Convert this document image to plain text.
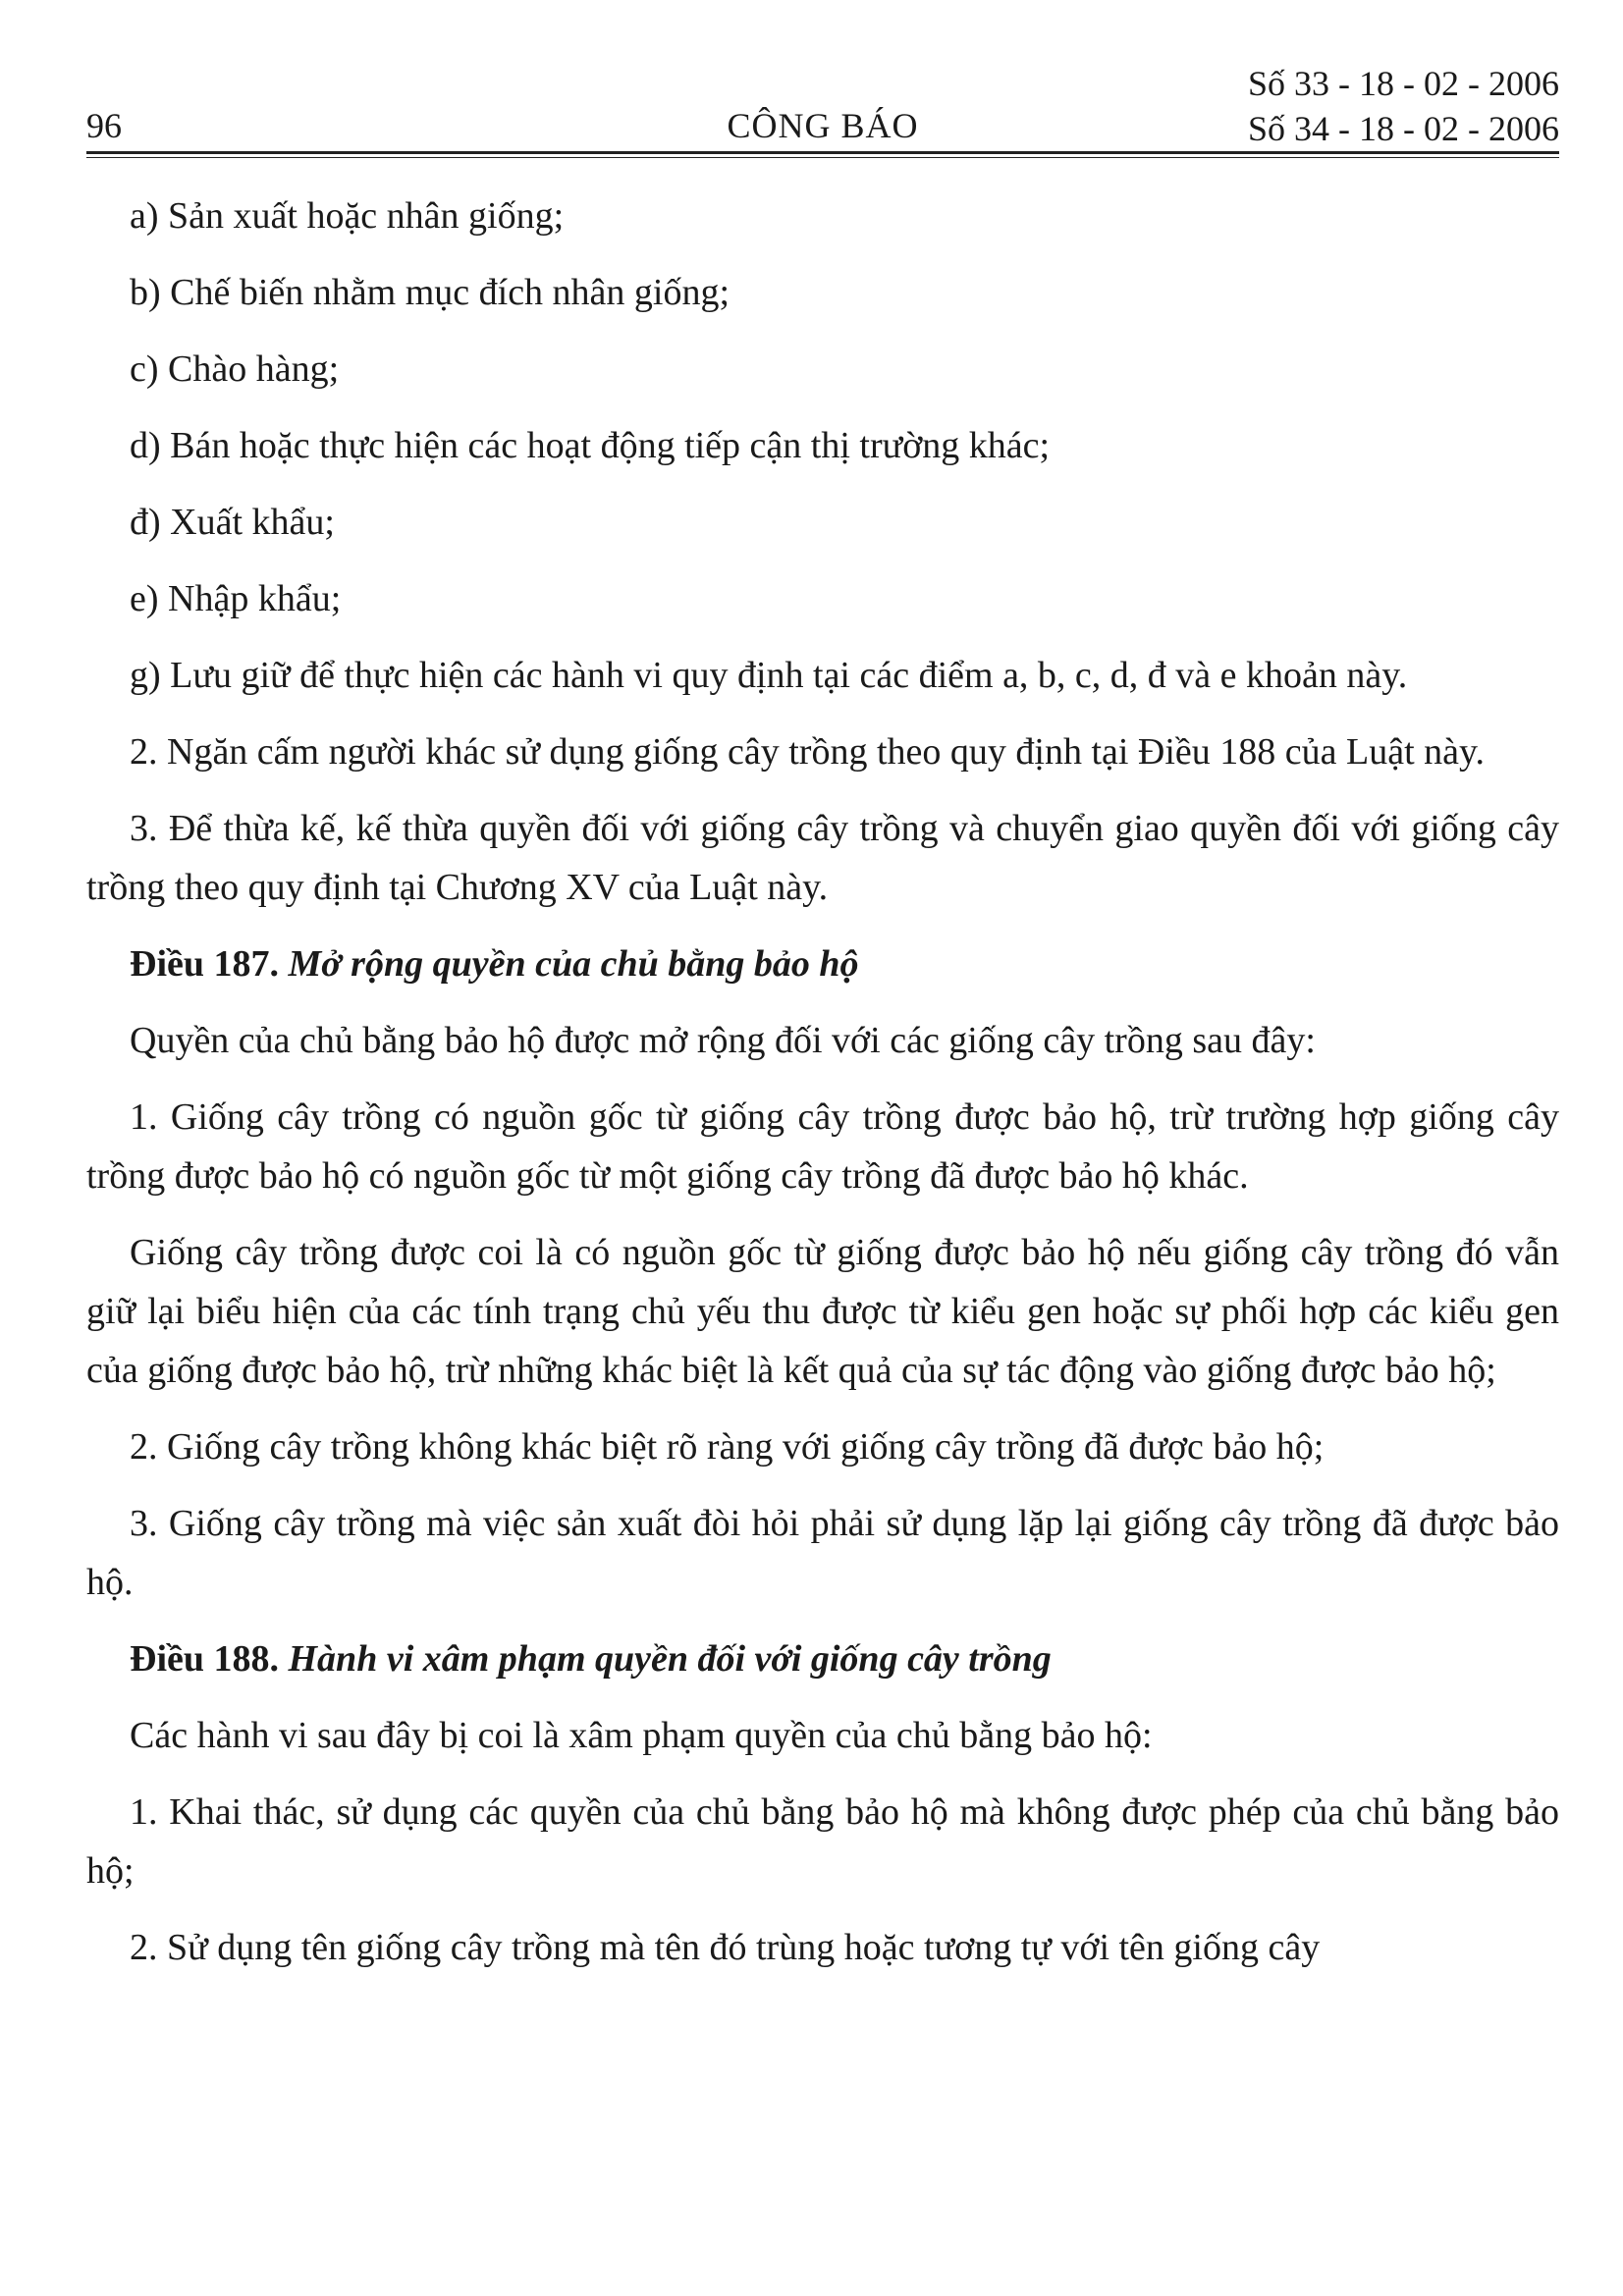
96	CÔNG BÁO
Số 33 - 18 - 02 - 2006
Số 34 - 18 - 02 - 2006

a) Sản xuất hoặc nhân giống;

b) Chế biến nhằm mục đích nhân giống;

c) Chào hàng;

d) Bán hoặc thực hiện các hoạt động tiếp cận thị trường khác;

đ) Xuất khẩu;

e) Nhập khẩu;

g) Lưu giữ để thực hiện các hành vi quy định tại các điểm a, b, c, d, đ và e khoản này.

2. Ngăn cấm người khác sử dụng giống cây trồng theo quy định tại Điều 188 của Luật này.

3. Để thừa kế, kế thừa quyền đối với giống cây trồng và chuyển giao quyền đối với giống cây trồng theo quy định tại Chương XV của Luật này.

Điều 187. Mở rộng quyền của chủ bằng bảo hộ

Quyền của chủ bằng bảo hộ được mở rộng đối với các giống cây trồng sau đây:

1. Giống cây trồng có nguồn gốc từ giống cây trồng được bảo hộ, trừ trường hợp giống cây trồng được bảo hộ có nguồn gốc từ một giống cây trồng đã được bảo hộ khác.

Giống cây trồng được coi là có nguồn gốc từ giống được bảo hộ nếu giống cây trồng đó vẫn giữ lại biểu hiện của các tính trạng chủ yếu thu được từ kiểu gen hoặc sự phối hợp các kiểu gen của giống được bảo hộ, trừ những khác biệt là kết quả của sự tác động vào giống được bảo hộ;

2. Giống cây trồng không khác biệt rõ ràng với giống cây trồng đã được bảo hộ;

3. Giống cây trồng mà việc sản xuất đòi hỏi phải sử dụng lặp lại giống cây trồng đã được bảo hộ.

Điều 188. Hành vi xâm phạm quyền đối với giống cây trồng

Các hành vi sau đây bị coi là xâm phạm quyền của chủ bằng bảo hộ:

1. Khai thác, sử dụng các quyền của chủ bằng bảo hộ mà không được phép của chủ bằng bảo hộ;

2. Sử dụng tên giống cây trồng mà tên đó trùng hoặc tương tự với tên giống cây
